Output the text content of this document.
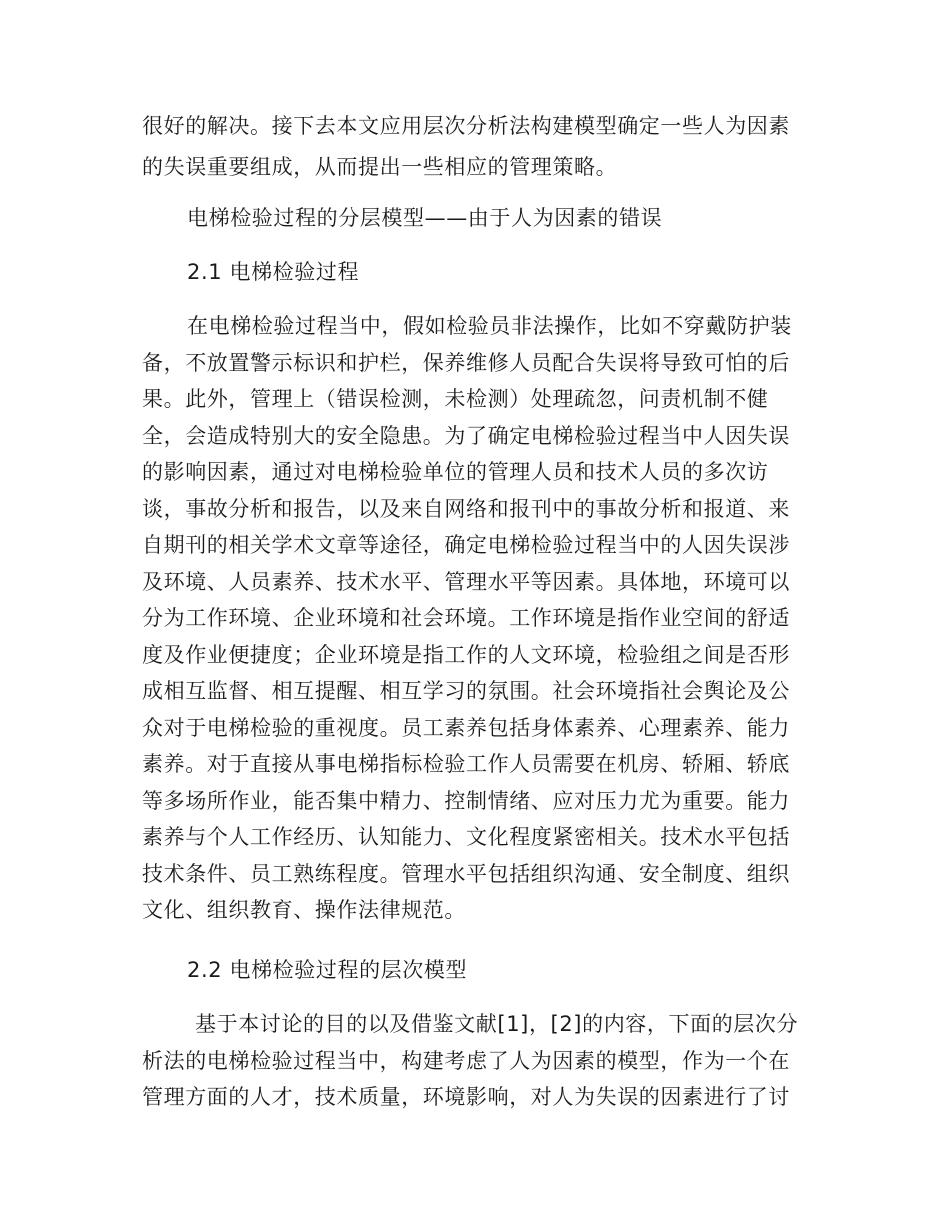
很好的解决。接下去本文应用层次分析法构建模型确定一些人为因素
的失误重要组成，从而提出一些相应的管理策略。
电梯检验过程的分层模型——由于人为因素的错误
2.1 电梯检验过程
在电梯检验过程当中，假如检验员非法操作，比如不穿戴防护装
备，不放置警示标识和护栏，保养维修人员配合失误将导致可怕的后
果。此外，管理上（错误检测，未检测）处理疏忽，问责机制不健
全，会造成特别大的安全隐患。为了确定电梯检验过程当中人因失误
的影响因素，通过对电梯检验单位的管理人员和技术人员的多次访
谈，事故分析和报告，以及来自网络和报刊中的事故分析和报道、来
自期刊的相关学术文章等途径，确定电梯检验过程当中的人因失误涉
及环境、人员素养、技术水平、管理水平等因素。具体地，环境可以
分为工作环境、企业环境和社会环境。工作环境是指作业空间的舒适
度及作业便捷度；企业环境是指工作的人文环境，检验组之间是否形
成相互监督、相互提醒、相互学习的氛围。社会环境指社会舆论及公
众对于电梯检验的重视度。员工素养包括身体素养、心理素养、能力
素养。对于直接从事电梯指标检验工作人员需要在机房、轿厢、轿底
等多场所作业，能否集中精力、控制情绪、应对压力尤为重要。能力
素养与个人工作经历、认知能力、文化程度紧密相关。技术水平包括
技术条件、员工熟练程度。管理水平包括组织沟通、安全制度、组织
文化、组织教育、操作法律规范。
2.2 电梯检验过程的层次模型
基于本讨论的目的以及借鉴文献[1]，[2]的内容，下面的层次分
析法的电梯检验过程当中，构建考虑了人为因素的模型，作为一个在
管理方面的人才，技术质量，环境影响，对人为失误的因素进行了讨
